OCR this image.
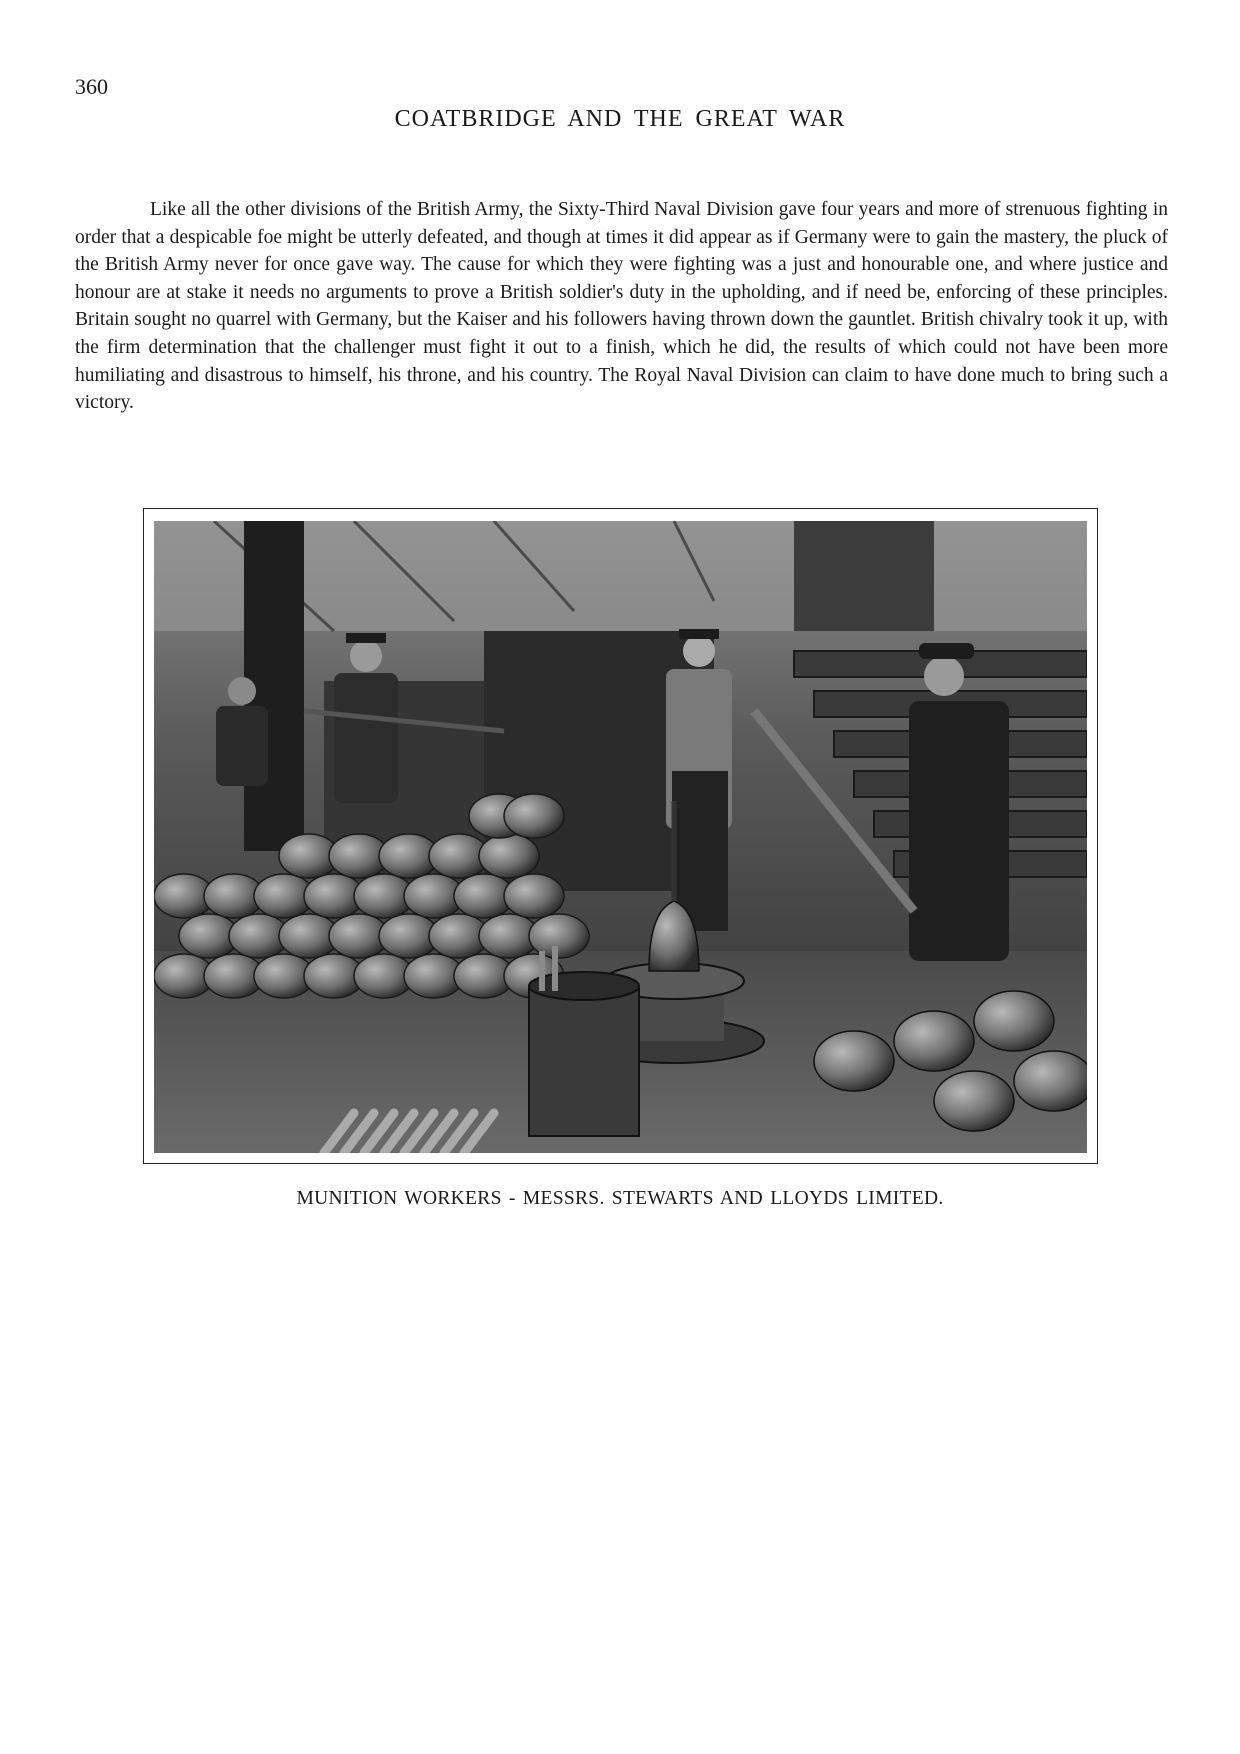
360
COATBRIDGE AND THE GREAT WAR

Like all the other divisions of the British Army, the Sixty-Third Naval Division gave four years and more of strenuous fighting in order that a despicable foe might be utterly defeated, and though at times it did appear as if Germany were to gain the mastery, the pluck of the British Army never for once gave way. The cause for which they were fighting was a just and honourable one, and where justice and honour are at stake it needs no arguments to prove a British soldier's duty in the upholding, and if need be, enforcing of these principles. Britain sought no quarrel with Germany, but the Kaiser and his followers having thrown down the gauntlet. British chivalry took it up, with the firm determination that the challenger must fight it out to a finish, which he did, the results of which could not have been more humiliating and disastrous to himself, his throne, and his country. The Royal Naval Division can claim to have done much to bring such a victory.

MUNITION WORKERS - MESSRS. STEWARTS AND LLOYDS LIMITED.
